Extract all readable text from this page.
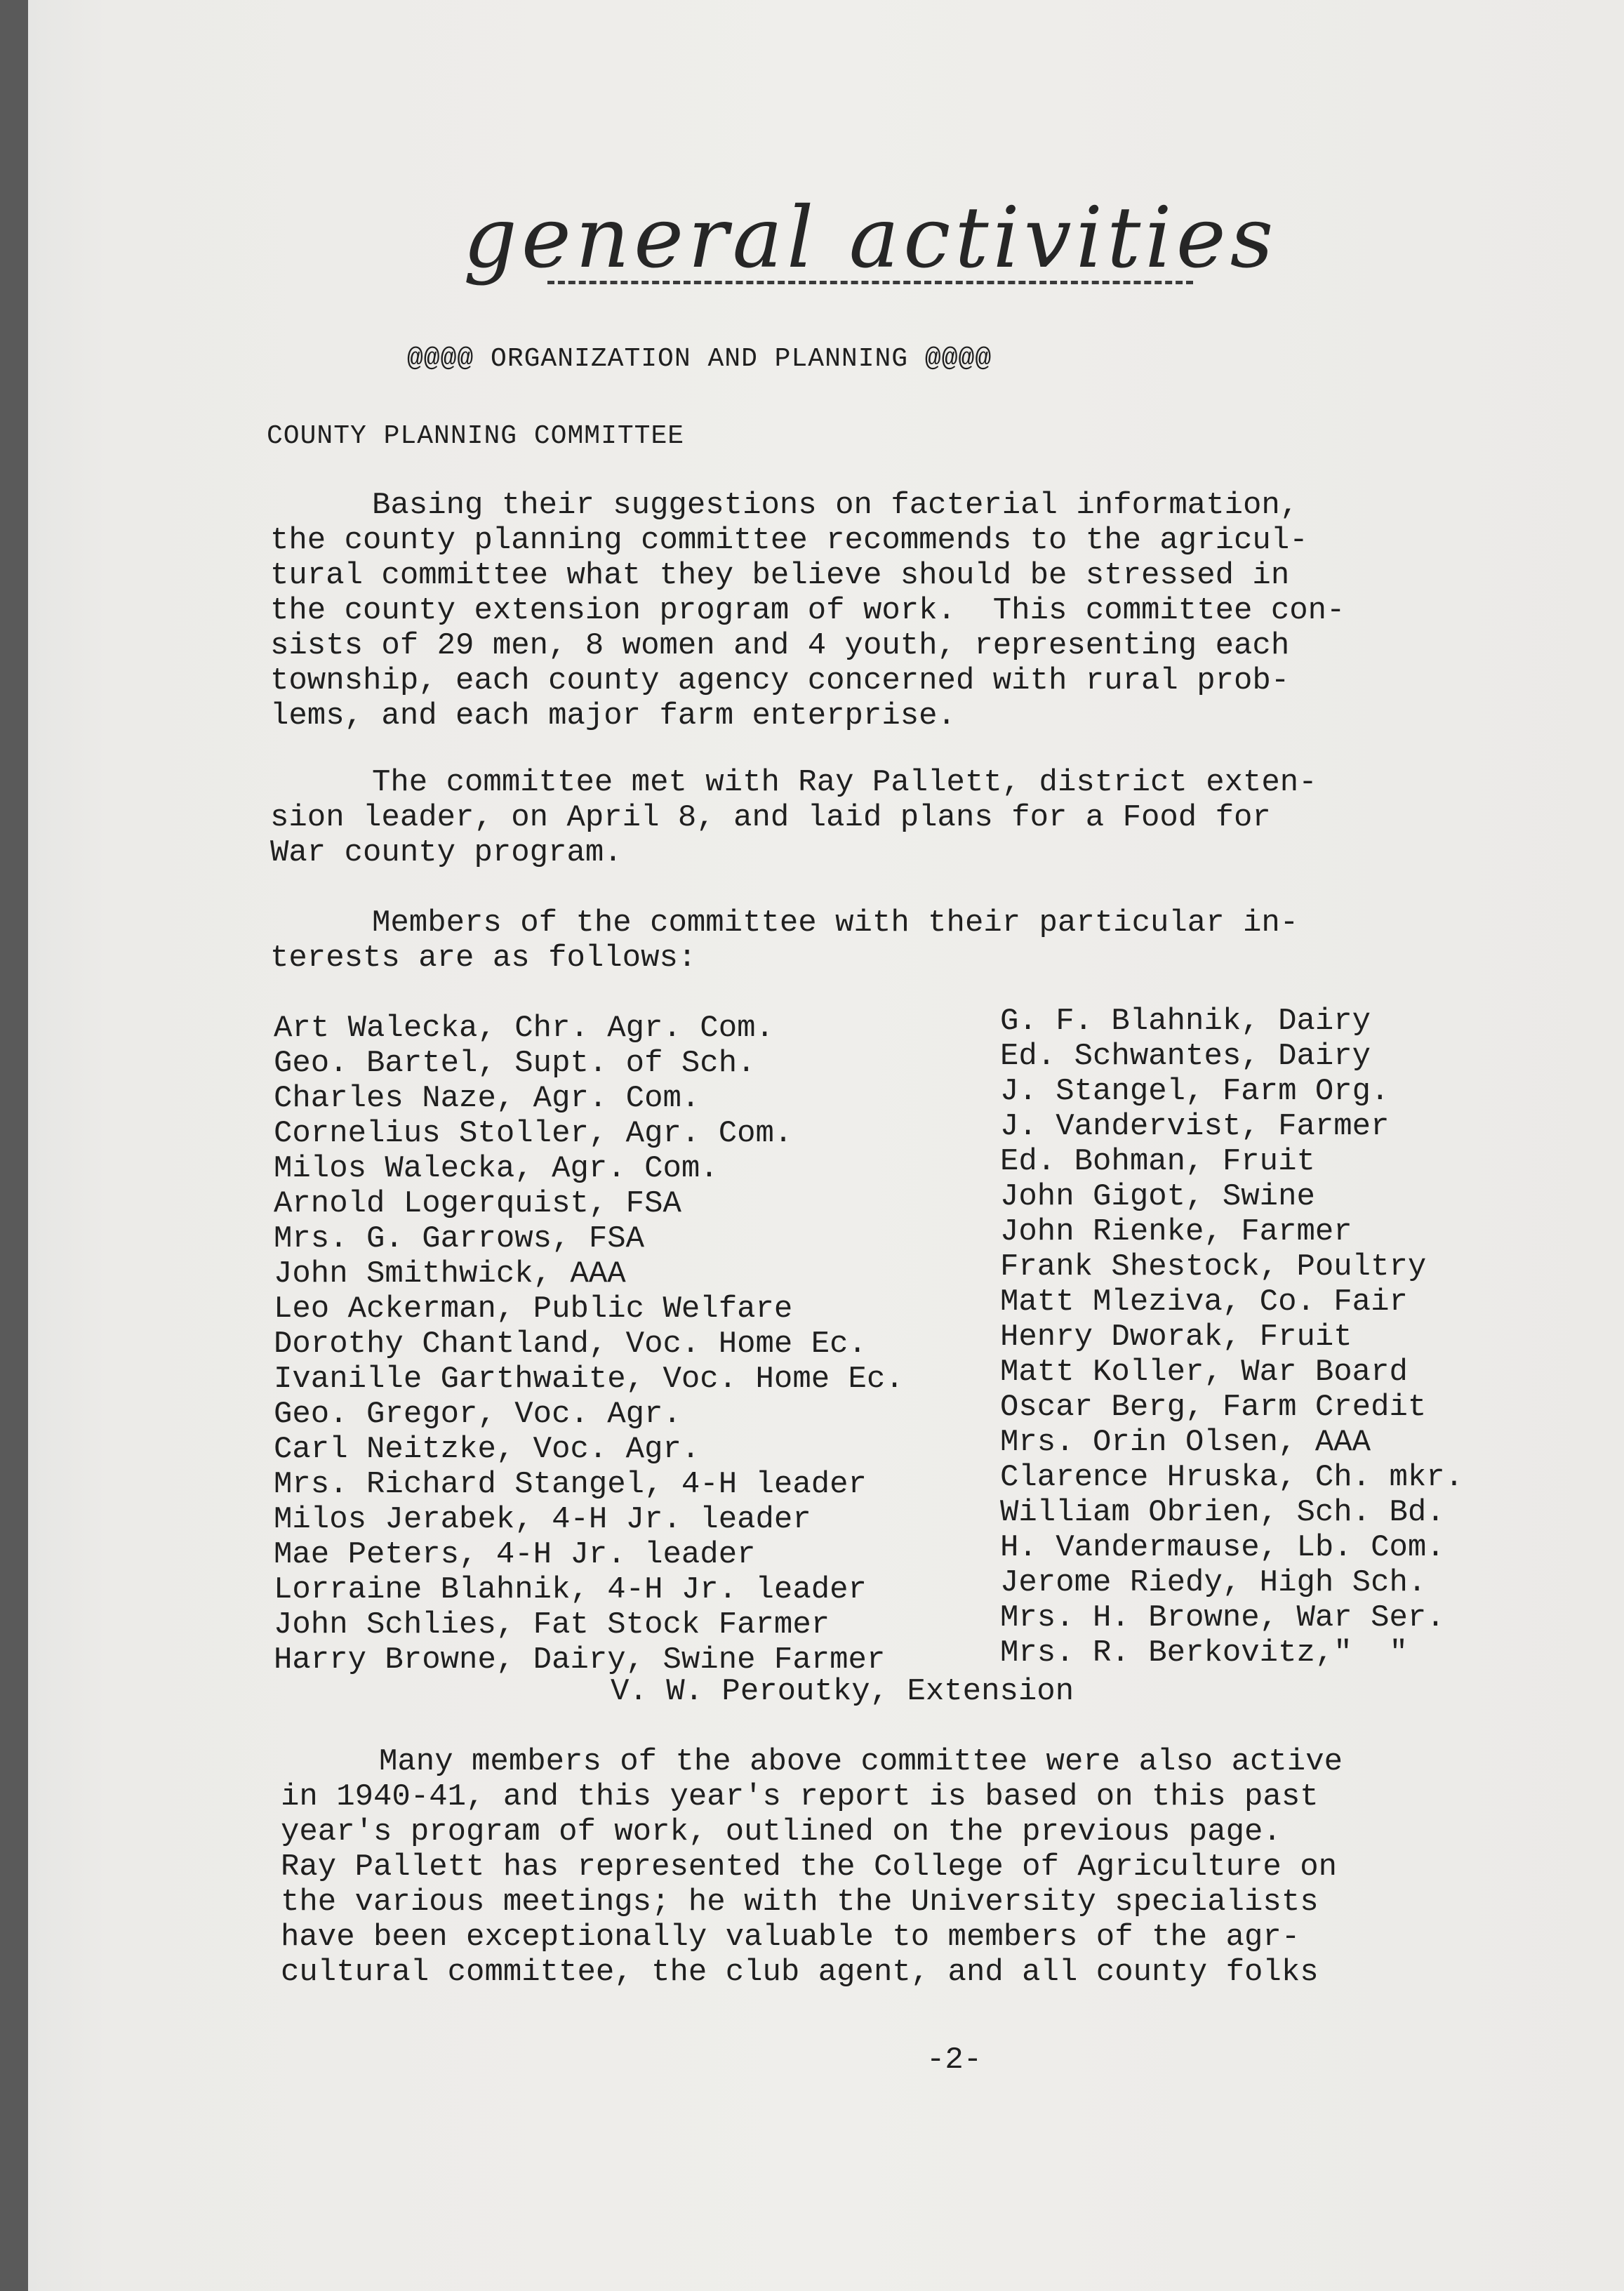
general activities
@@@@ ORGANIZATION AND PLANNING @@@@
COUNTY PLANNING COMMITTEE
Basing their suggestions on facterial information,
the county planning committee recommends to the agricul-
tural committee what they believe should be stressed in
the county extension program of work.  This committee con-
sists of 29 men, 8 women and 4 youth, representing each
township, each county agency concerned with rural prob-
lems, and each major farm enterprise.
The committee met with Ray Pallett, district exten-
sion leader, on April 8, and laid plans for a Food for
War county program.
Members of the committee with their particular in-
terests are as follows:
Art Walecka, Chr. Agr. Com.
Geo. Bartel, Supt. of Sch.
Charles Naze, Agr. Com.
Cornelius Stoller, Agr. Com.
Milos Walecka, Agr. Com.
Arnold Logerquist, FSA
Mrs. G. Garrows, FSA
John Smithwick, AAA
Leo Ackerman, Public Welfare
Dorothy Chantland, Voc. Home Ec.
Ivanille Garthwaite, Voc. Home Ec.
Geo. Gregor, Voc. Agr.
Carl Neitzke, Voc. Agr.
Mrs. Richard Stangel, 4-H leader
Milos Jerabek, 4-H Jr. leader
Mae Peters, 4-H Jr. leader
Lorraine Blahnik, 4-H Jr. leader
John Schlies, Fat Stock Farmer
Harry Browne, Dairy, Swine Farmer
G. F. Blahnik, Dairy
Ed. Schwantes, Dairy
J. Stangel, Farm Org.
J. Vandervist, Farmer
Ed. Bohman, Fruit
John Gigot, Swine
John Rienke, Farmer
Frank Shestock, Poultry
Matt Mleziva, Co. Fair
Henry Dworak, Fruit
Matt Koller, War Board
Oscar Berg, Farm Credit
Mrs. Orin Olsen, AAA
Clarence Hruska, Ch. mkr.
William Obrien, Sch. Bd.
H. Vandermause, Lb. Com.
Jerome Riedy, High Sch.
Mrs. H. Browne, War Ser.
Mrs. R. Berkovitz,"  "
V. W. Peroutky, Extension
Many members of the above committee were also active
in 1940-41, and this year's report is based on this past
year's program of work, outlined on the previous page.
Ray Pallett has represented the College of Agriculture on
the various meetings; he with the University specialists
have been exceptionally valuable to members of the agr-
cultural committee, the club agent, and all county folks
-2-
